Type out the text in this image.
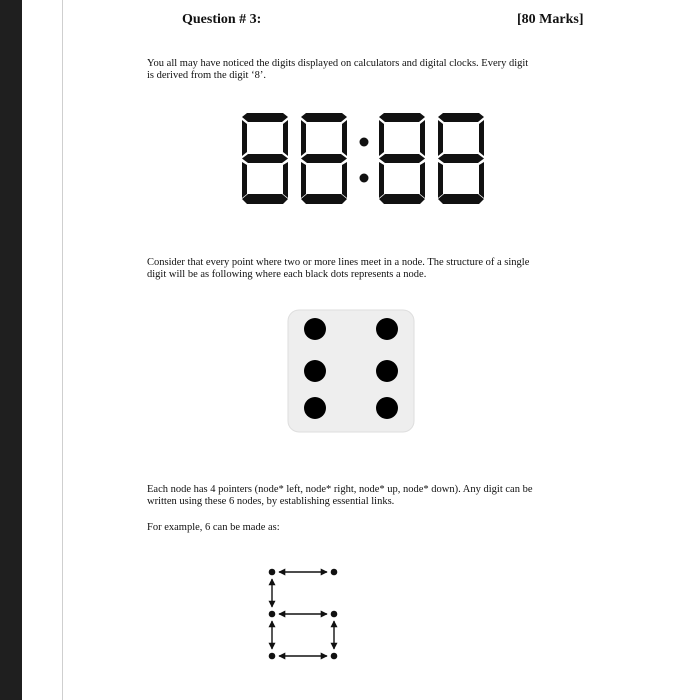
Question # 3:	[80 Marks]
You all may have noticed the digits displayed on calculators and digital clocks. Every digit
is derived from the digit ‘8’.
Consider that every point where two or more lines meet in a node. The structure of a single
digit will be as following where each black dots represents a node.
Each node has 4 pointers (node* left, node* right, node* up, node* down). Any digit can be
written using these 6 nodes, by establishing essential links.
For example, 6 can be made as:
